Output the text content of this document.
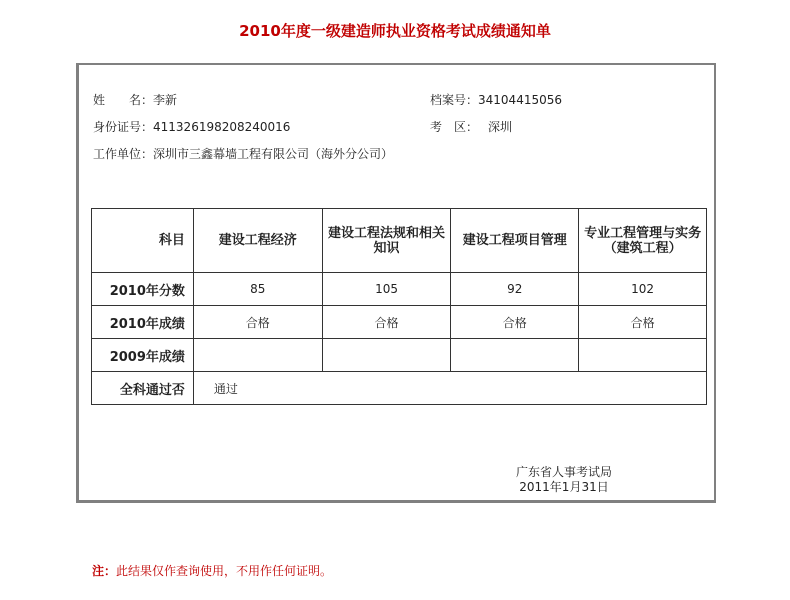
2010年度一级建造师执业资格考试成绩通知单
姓　　名：李新
身份证号：411326198208240016
工作单位：深圳市三鑫幕墙工程有限公司（海外分公司）
档案号：34104415056
考　区： 深圳
科目	建设工程经济	建设工程法规和相关知识	建设工程项目管理	专业工程管理与实务（建筑工程）
2010年分数	85	105	92	102
2010年成绩	合格	合格	合格	合格
2009年成绩				
全科通过否	通过			
广东省人事考试局
2011年1月31日
注：此结果仅作查询使用，不用作任何证明。
